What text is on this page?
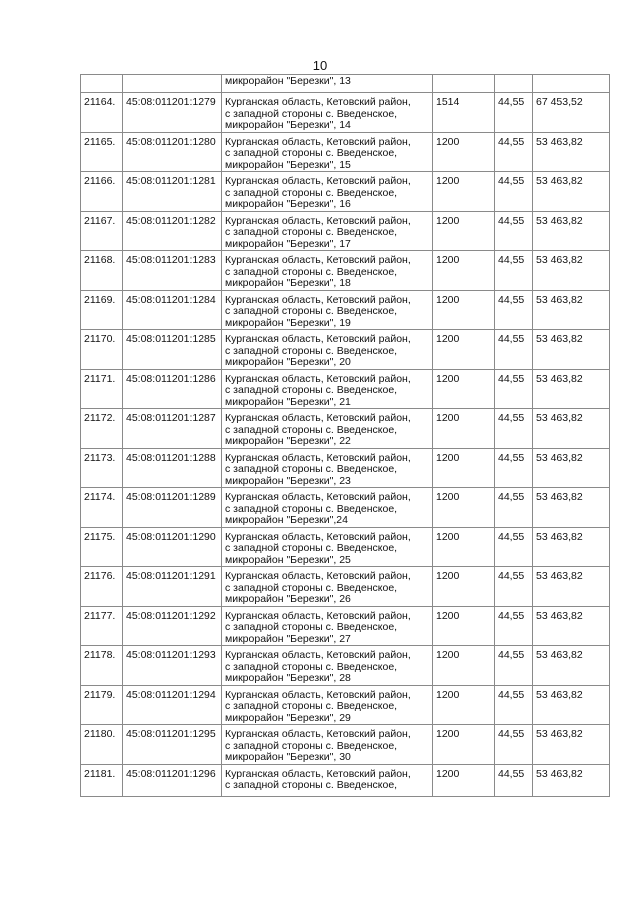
10

		микрорайон "Березки", 13			

21164.	45:08:011201:1279	Курганская область, Кетовский район,
с западной стороны с. Введенское,
микрорайон "Березки", 14	1514	44,55	67 453,52
21165.	45:08:011201:1280	Курганская область, Кетовский район,
с западной стороны с. Введенское,
микрорайон "Березки", 15	1200	44,55	53 463,82
21166.	45:08:011201:1281	Курганская область, Кетовский район,
с западной стороны с. Введенское,
микрорайон "Березки", 16	1200	44,55	53 463,82
21167.	45:08:011201:1282	Курганская область, Кетовский район,
с западной стороны с. Введенское,
микрорайон "Березки", 17	1200	44,55	53 463,82
21168.	45:08:011201:1283	Курганская область, Кетовский район,
с западной стороны с. Введенское,
микрорайон "Березки", 18	1200	44,55	53 463,82
21169.	45:08:011201:1284	Курганская область, Кетовский район,
с западной стороны с. Введенское,
микрорайон "Березки", 19	1200	44,55	53 463,82
21170.	45:08:011201:1285	Курганская область, Кетовский район,
с западной стороны с. Введенское,
микрорайон "Березки", 20	1200	44,55	53 463,82
21171.	45:08:011201:1286	Курганская область, Кетовский район,
с западной стороны с. Введенское,
микрорайон "Березки", 21	1200	44,55	53 463,82
21172.	45:08:011201:1287	Курганская область, Кетовский район,
с западной стороны с. Введенское,
микрорайон "Березки", 22	1200	44,55	53 463,82
21173.	45:08:011201:1288	Курганская область, Кетовский район,
с западной стороны с. Введенское,
микрорайон "Березки", 23	1200	44,55	53 463,82
21174.	45:08:011201:1289	Курганская область, Кетовский район,
с западной стороны с. Введенское,
микрорайон "Березки",24	1200	44,55	53 463,82
21175.	45:08:011201:1290	Курганская область, Кетовский район,
с западной стороны с. Введенское,
микрорайон "Березки", 25	1200	44,55	53 463,82
21176.	45:08:011201:1291	Курганская область, Кетовский район,
с западной стороны с. Введенское,
микрорайон "Березки", 26	1200	44,55	53 463,82
21177.	45:08:011201:1292	Курганская область, Кетовский район,
с западной стороны с. Введенское,
микрорайон "Березки", 27	1200	44,55	53 463,82
21178.	45:08:011201:1293	Курганская область, Кетовский район,
с западной стороны с. Введенское,
микрорайон "Березки", 28	1200	44,55	53 463,82
21179.	45:08:011201:1294	Курганская область, Кетовский район,
с западной стороны с. Введенское,
микрорайон "Березки", 29	1200	44,55	53 463,82
21180.	45:08:011201:1295	Курганская область, Кетовский район,
с западной стороны с. Введенское,
микрорайон "Березки", 30	1200	44,55	53 463,82
21181.	45:08:011201:1296	Курганская область, Кетовский район,
с западной стороны с. Введенское,	1200	44,55	53 463,82
